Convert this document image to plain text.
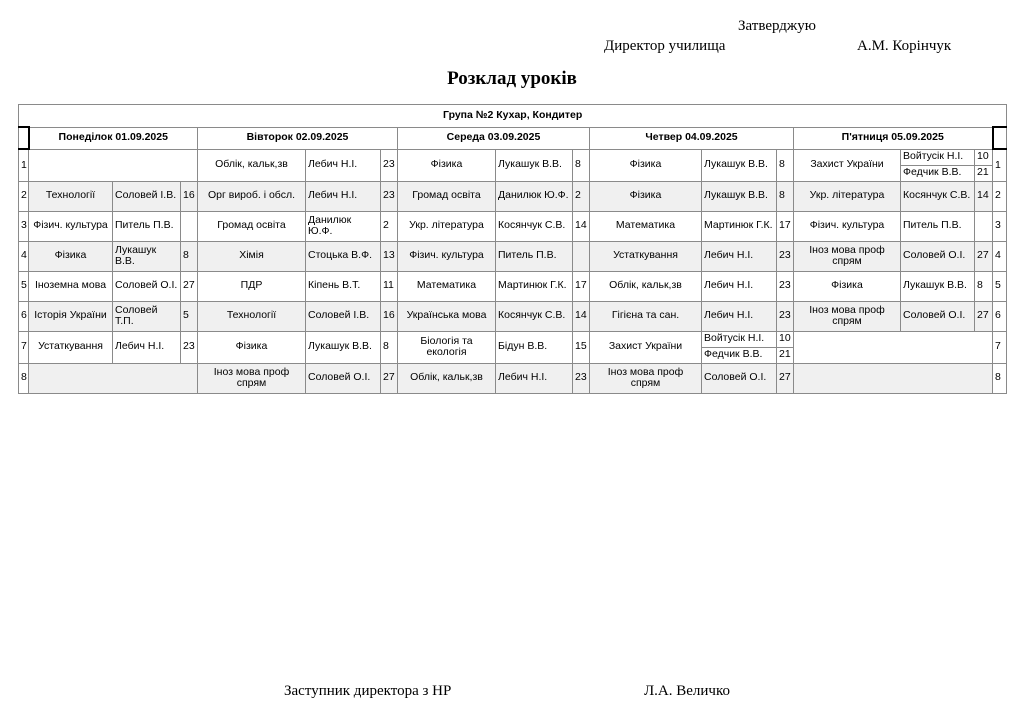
Затверджую
Директор училища	А.М. Корінчук
Розклад уроків
Група №2 Кухар, Кондитер																
	Понеділок 01.09.2025			Вівторок 02.09.2025			Середа 03.09.2025			Четвер 04.09.2025			П'ятниця 05.09.2025			
1				Облік, кальк,зв	Лебич Н.І.	23	Фізика	Лукашук В.В.	8	Фізика	Лукашук В.В.	8	Захист України	Войтусік Н.І.	10	1
														Федчик В.В.	21	
2	Технології	Соловей І.В.	16	Орг вироб. і обсл.	Лебич Н.І.	23	Громад освіта	Данилюк Ю.Ф.	2	Фізика	Лукашук В.В.	8	Укр. література	Косянчук С.В.	14	2
3	Фізич. культура	Питель П.В.		Громад освіта	Данилюк Ю.Ф.	2	Укр. література	Косянчук С.В.	14	Математика	Мартинюк Г.К.	17	Фізич. культура	Питель П.В.		3
4	Фізика	Лукашук В.В.	8	Хімія	Стоцька В.Ф.	13	Фізич. культура	Питель П.В.		Устаткування	Лебич Н.І.	23	Іноз мова проф спрям	Соловей О.І.	27	4
5	Іноземна мова	Соловей О.І.	27	ПДР	Кіпень В.Т.	11	Математика	Мартинюк Г.К.	17	Облік, кальк,зв	Лебич Н.І.	23	Фізика	Лукашук В.В.	8	5
6	Історія України	Соловей Т.П.	5	Технології	Соловей І.В.	16	Українська мова	Косянчук С.В.	14	Гігієна та сан.	Лебич Н.І.	23	Іноз мова проф спрям	Соловей О.І.	27	6
7	Устаткування	Лебич Н.І.	23	Фізика	Лукашук В.В.	8	Біологія та екологія	Бідун В.В.	15	Захист України	Войтусік Н.І.	10				7
											Федчик В.В.	21				
8				Іноз мова проф спрям	Соловей О.І.	27	Облік, кальк,зв	Лебич Н.І.	23	Іноз мова проф спрям	Соловей О.І.	27				8
Заступник директора з НР	Л.А. Величко
